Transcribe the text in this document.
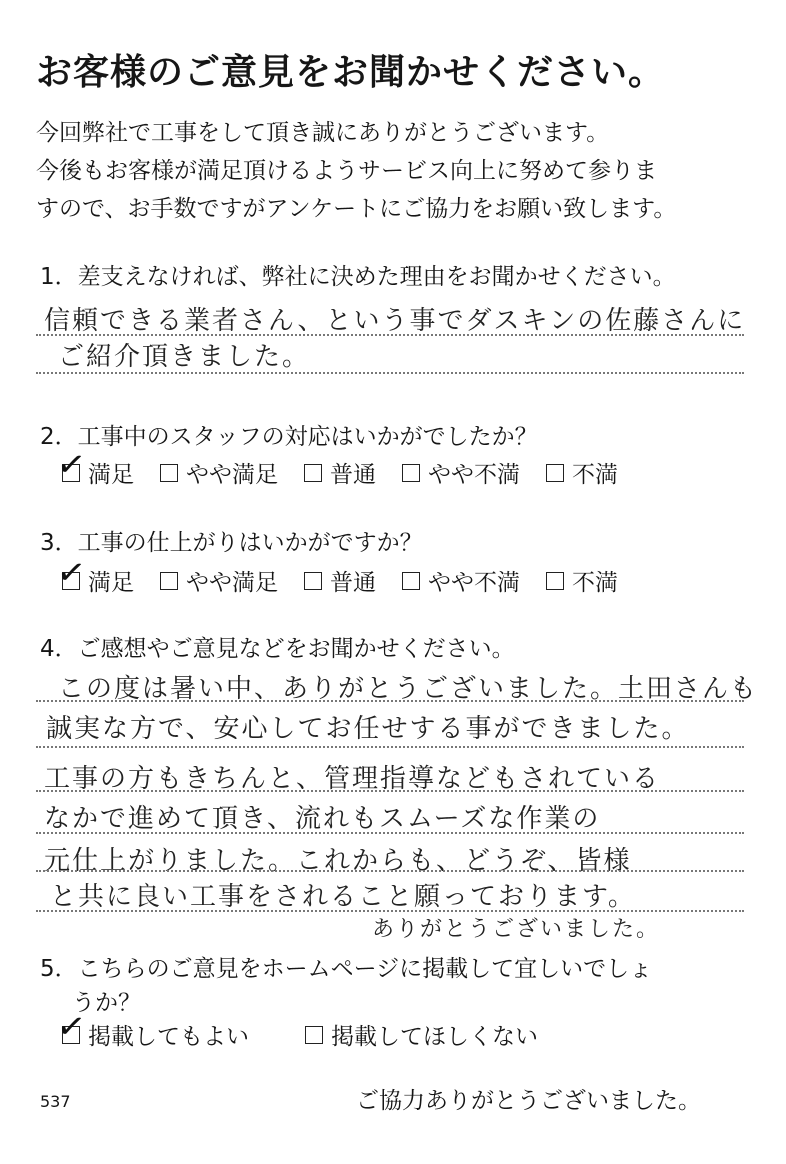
お客様のご意見をお聞かせください。
今回弊社で工事をして頂き誠にありがとうございます。
今後もお客様が満足頂けるようサービス向上に努めて参りま
すので、お手数ですがアンケートにご協力をお願い致します。
1．差支えなければ、弊社に決めた理由をお聞かせください。
信頼できる業者さん、という事でダスキンの佐藤さんに
ご紹介頂きました。
2．工事中のスタッフの対応はいかがでしたか？
✓ 満足 やや満足 普通 やや不満 不満
3．工事の仕上がりはいかがですか？
✓ 満足 やや満足 普通 やや不満 不満
4．ご感想やご意見などをお聞かせください。
この度は暑い中、ありがとうございました。土田さんも
誠実な方で、安心してお任せする事ができました。
工事の方もきちんと、管理指導などもされている
なかで進めて頂き、流れもスムーズな作業の
元仕上がりました。これからも、どうぞ、皆様
と共に良い工事をされること願っております。
ありがとうございました。
5．こちらのご意見をホームページに掲載して宜しいでしょ
うか？
✓ 掲載してもよい	掲載してほしくない
537	ご協力ありがとうございました。
